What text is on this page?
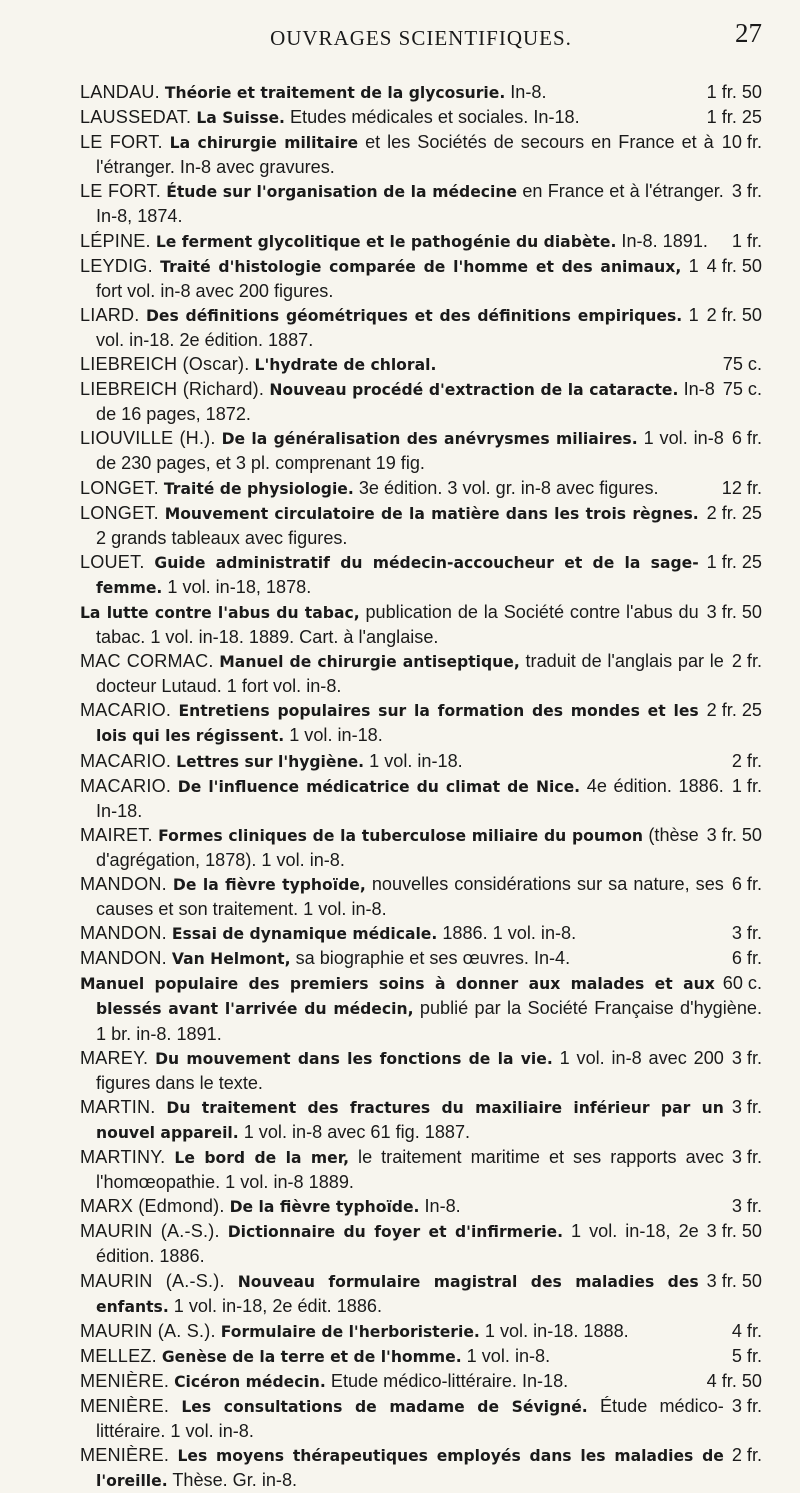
OUVRAGES SCIENTIFIQUES.	27
1 fr. 50
LANDAU. Théorie et traitement de la glycosurie. In-8.
1 fr. 25
LAUSSEDAT. La Suisse. Etudes médicales et sociales. In-18.
10 fr.
LE FORT. La chirurgie militaire et les Sociétés de secours en France et à l'étranger. In-8 avec gravures.
3 fr.
LE FORT. Étude sur l'organisation de la médecine en France et à l'étranger. In-8, 1874.
1 fr.
LÉPINE. Le ferment glycolitique et le pathogénie du diabète. In-8. 1891.
4 fr. 50
LEYDIG. Traité d'histologie comparée de l'homme et des animaux, 1 fort vol. in-8 avec 200 figures.
2 fr. 50
LIARD. Des définitions géométriques et des définitions empiriques. 1 vol. in-18. 2e édition. 1887.
75 c.
LIEBREICH (Oscar). L'hydrate de chloral.
75 c.
LIEBREICH (Richard). Nouveau procédé d'extraction de la cataracte. In-8 de 16 pages, 1872.
6 fr.
LIOUVILLE (H.). De la généralisation des anévrysmes miliaires. 1 vol. in-8 de 230 pages, et 3 pl. comprenant 19 fig.
12 fr.
LONGET. Traité de physiologie. 3e édition. 3 vol. gr. in-8 avec figures.
2 fr. 25
LONGET. Mouvement circulatoire de la matière dans les trois règnes. 2 grands tableaux avec figures.
1 fr. 25
LOUET. Guide administratif du médecin-accoucheur et de la sage-femme. 1 vol. in-18, 1878.
3 fr. 50
La lutte contre l'abus du tabac, publication de la Société contre l'abus du tabac. 1 vol. in-18. 1889. Cart. à l'anglaise.
2 fr.
MAC CORMAC. Manuel de chirurgie antiseptique, traduit de l'anglais par le docteur Lutaud. 1 fort vol. in-8.
2 fr. 25
MACARIO. Entretiens populaires sur la formation des mondes et les lois qui les régissent. 1 vol. in-18.
2 fr.
MACARIO. Lettres sur l'hygiène. 1 vol. in-18.
1 fr.
MACARIO. De l'influence médicatrice du climat de Nice. 4e édition. 1886. In-18.
3 fr. 50
MAIRET. Formes cliniques de la tuberculose miliaire du poumon (thèse d'agrégation, 1878). 1 vol. in-8.
6 fr.
MANDON. De la fièvre typhoïde, nouvelles considérations sur sa nature, ses causes et son traitement. 1 vol. in-8.
3 fr.
MANDON. Essai de dynamique médicale. 1886. 1 vol. in-8.
6 fr.
MANDON. Van Helmont, sa biographie et ses œuvres. In-4.
60 c.
Manuel populaire des premiers soins à donner aux malades et aux blessés avant l'arrivée du médecin, publié par la Société Française d'hygiène. 1 br. in-8. 1891.
3 fr.
MAREY. Du mouvement dans les fonctions de la vie. 1 vol. in-8 avec 200 figures dans le texte.
3 fr.
MARTIN. Du traitement des fractures du maxiliaire inférieur par un nouvel appareil. 1 vol. in-8 avec 61 fig. 1887.
3 fr.
MARTINY. Le bord de la mer, le traitement maritime et ses rapports avec l'homœopathie. 1 vol. in-8 1889.
3 fr.
MARX (Edmond). De la fièvre typhoïde. In-8.
3 fr. 50
MAURIN (A.-S.). Dictionnaire du foyer et d'infirmerie. 1 vol. in-18, 2e édition. 1886.
3 fr. 50
MAURIN (A.-S.). Nouveau formulaire magistral des maladies des enfants. 1 vol. in-18, 2e édit. 1886.
4 fr.
MAURIN (A. S.). Formulaire de l'herboristerie. 1 vol. in-18. 1888.
5 fr.
MELLEZ. Genèse de la terre et de l'homme. 1 vol. in-8.
4 fr. 50
MENIÈRE. Cicéron médecin. Etude médico-littéraire. In-18.
3 fr.
MENIÈRE. Les consultations de madame de Sévigné. Étude médico-littéraire. 1 vol. in-8.
2 fr.
MENIÈRE. Les moyens thérapeutiques employés dans les maladies de l'oreille. Thèse. Gr. in-8.
